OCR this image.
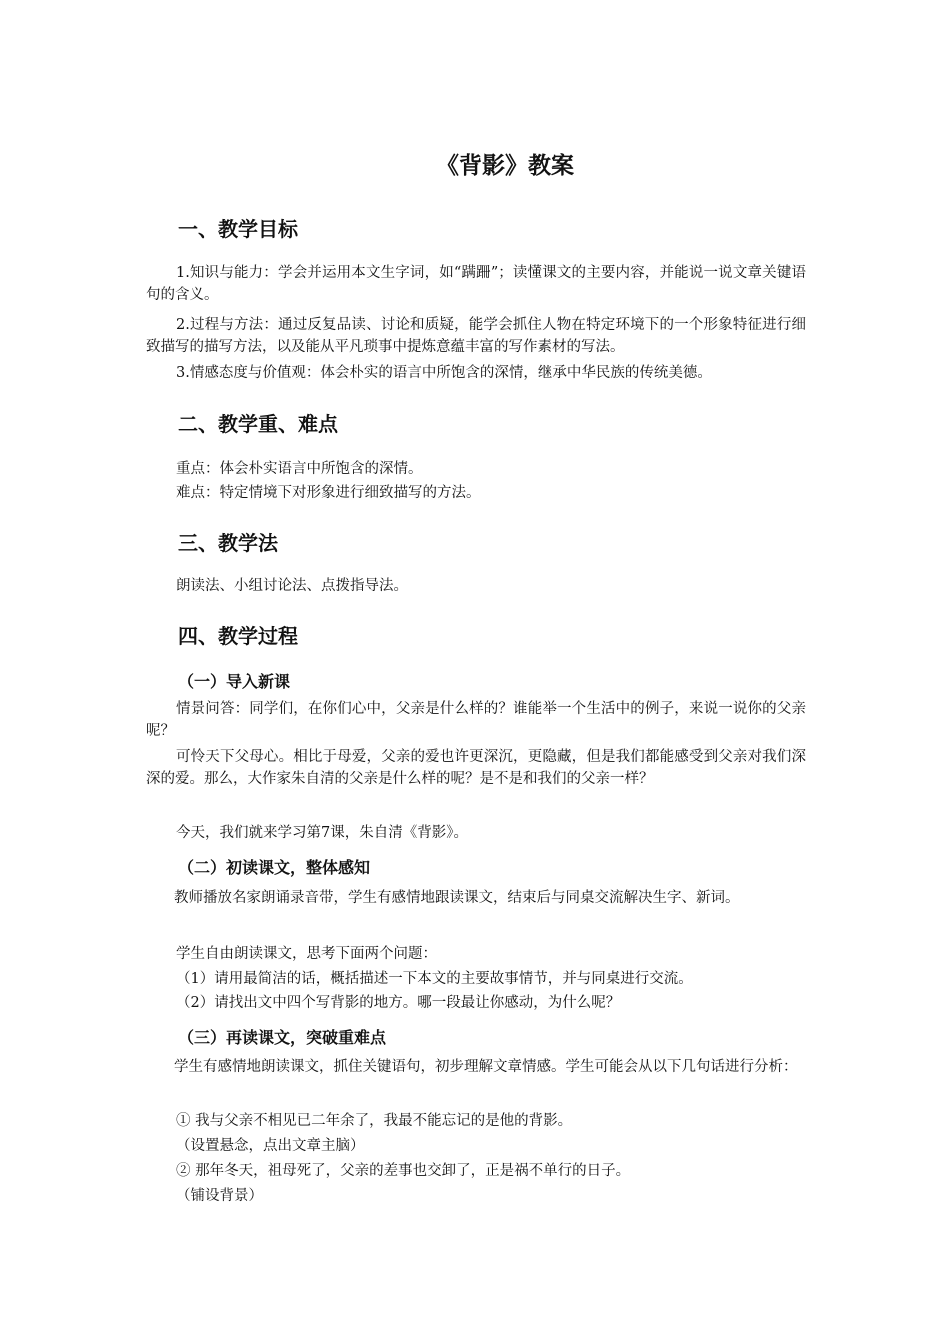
《背影》教案
一、教学目标
1.知识与能力：学会并运用本文生字词，如“蹒跚”；读懂课文的主要内容，并能说一说文章关键语句的含义。
2.过程与方法：通过反复品读、讨论和质疑，能学会抓住人物在特定环境下的一个形象特征进行细致描写的描写方法，以及能从平凡琐事中提炼意蕴丰富的写作素材的写法。
3.情感态度与价值观：体会朴实的语言中所饱含的深情，继承中华民族的传统美德。
二、教学重、难点
重点：体会朴实语言中所饱含的深情。
难点：特定情境下对形象进行细致描写的方法。
三、教学法
朗读法、小组讨论法、点拨指导法。
四、教学过程
（一）导入新课
情景问答：同学们，在你们心中，父亲是什么样的？谁能举一个生活中的例子，来说一说你的父亲呢？
可怜天下父母心。相比于母爱，父亲的爱也许更深沉，更隐藏，但是我们都能感受到父亲对我们深深的爱。那么，大作家朱自清的父亲是什么样的呢？是不是和我们的父亲一样？
今天，我们就来学习第7课，朱自清《背影》。
（二）初读课文，整体感知
教师播放名家朗诵录音带，学生有感情地跟读课文，结束后与同桌交流解决生字、新词。
学生自由朗读课文，思考下面两个问题：
（1）请用最简洁的话，概括描述一下本文的主要故事情节，并与同桌进行交流。
（2）请找出文中四个写背影的地方。哪一段最让你感动，为什么呢？
（三）再读课文，突破重难点
学生有感情地朗读课文，抓住关键语句，初步理解文章情感。学生可能会从以下几句话进行分析：
① 我与父亲不相见已二年余了，我最不能忘记的是他的背影。
（设置悬念，点出文章主脑）
② 那年冬天，祖母死了，父亲的差事也交卸了，正是祸不单行的日子。
（铺设背景）
